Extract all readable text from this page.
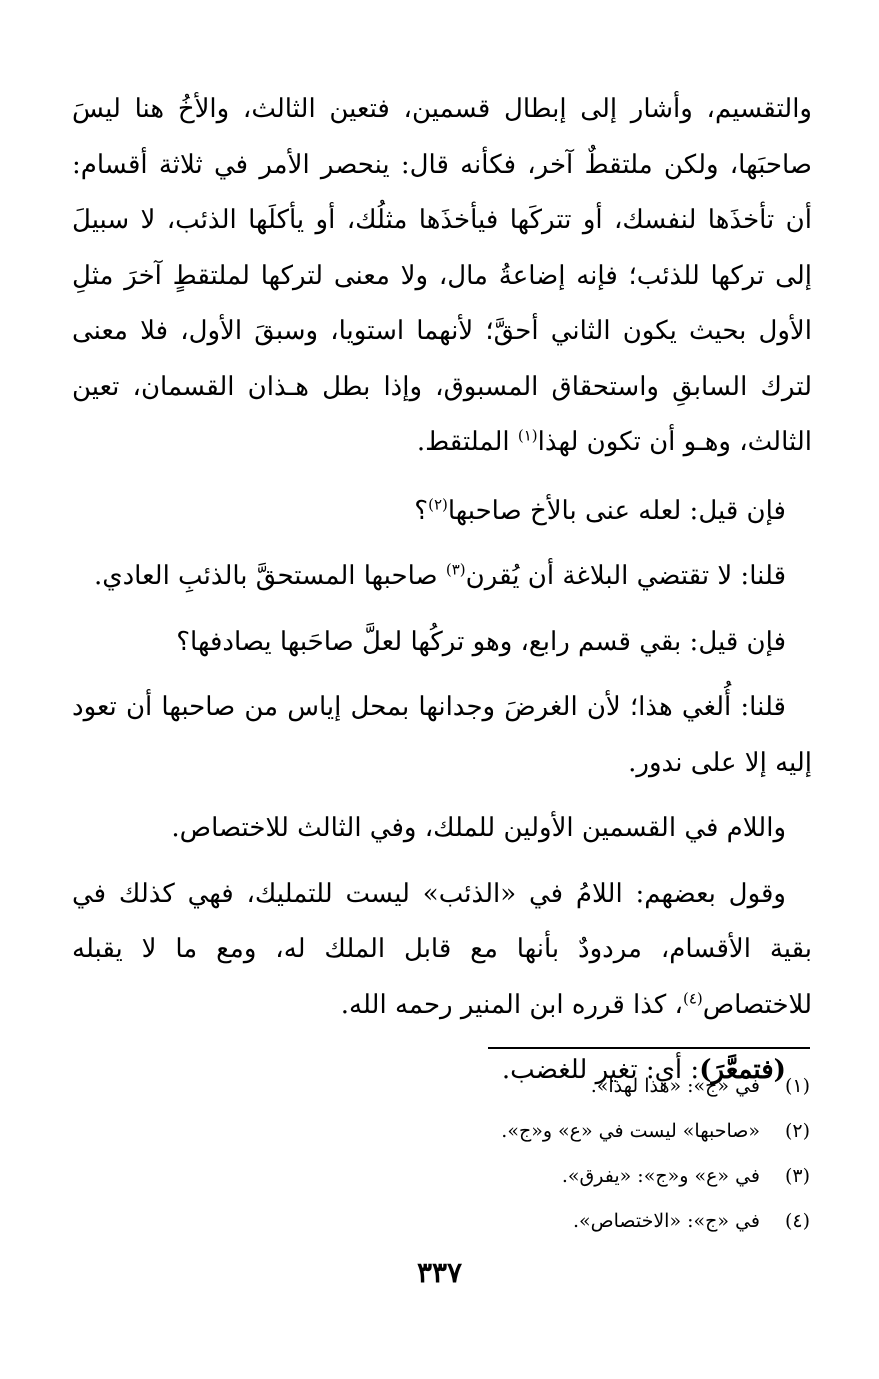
والتقسيم، وأشار إلى إبطال قسمين، فتعين الثالث، والأخُ هنا ليسَ صاحبَها، ولكن ملتقطٌ آخر، فكأنه قال: ينحصر الأمر في ثلاثة أقسام: أن تأخذَها لنفسك، أو تتركَها فيأخذَها مثلُك، أو يأكلَها الذئب، لا سبيلَ إلى تركها للذئب؛ فإنه إضاعةُ مال، ولا معنى لتركها لملتقطٍ آخرَ مثلِ الأول بحيث يكون الثاني أحقَّ؛ لأنهما استويا، وسبقَ الأول، فلا معنى لترك السابقِ واستحقاق المسبوق، وإذا بطل هـذان القسمان، تعين الثالث، وهـو أن تكون لهذا$^{(١)}$ الملتقط.

فإن قيل: لعله عنى بالأخ صاحبها$^{(٢)}$؟

قلنا: لا تقتضي البلاغة أن يُقرن$^{(٣)}$ صاحبها المستحقَّ بالذئبِ العادي.

فإن قيل: بقي قسم رابع، وهو تركُها لعلَّ صاحَبها يصادفها؟

قلنا: أُلغي هذا؛ لأن الغرضَ وجدانها بمحل إياس من صاحبها أن تعود إليه إلا على ندور.

واللام في القسمين الأولين للملك، وفي الثالث للاختصاص.

وقول بعضهم: اللامُ في «الذئب» ليست للتمليك، فهي كذلك في بقية الأقسام، مردودٌ بأنها مع قابل الملك له، ومع ما لا يقبله للاختصاص$^{(٤)}$، كذا قرره ابن المنير رحمه الله.

(فتمعَّرَ): أي: تغير للغضب.

(١)
في «ج»: «هذا لهذا».
(٢)
«صاحبها» ليست في «ع» و«ج».
(٣)
في «ع» و«ج»: «يفرق».
(٤)
في «ج»: «الاختصاص».
٣٣٧
